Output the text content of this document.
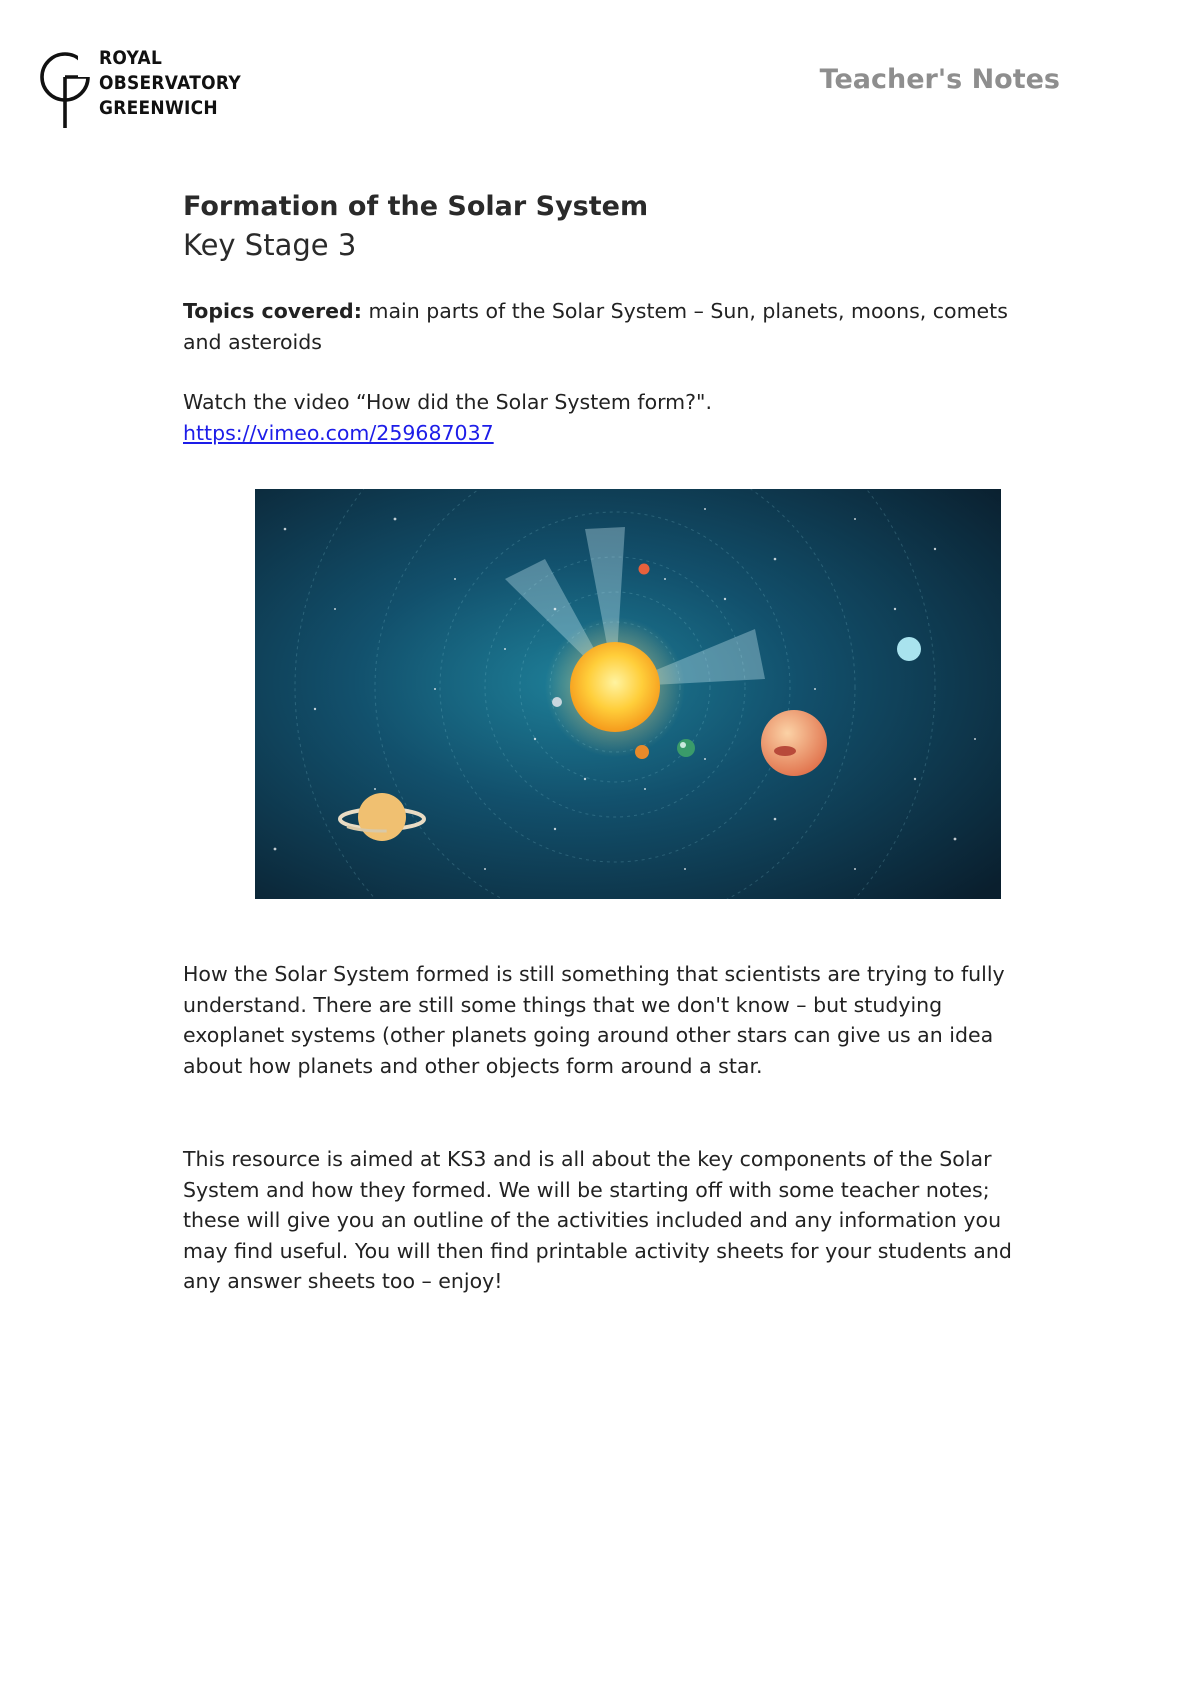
ROYAL
OBSERVATORY
GREENWICH
Teacher's Notes
Formation of the Solar System
Key Stage 3

Topics covered: main parts of the Solar System – Sun, planets, moons, comets and asteroids

Watch the video “How did the Solar System form?".

https://vimeo.com/259687037

How the Solar System formed is still something that scientists are trying to fully understand. There are still some things that we don't know – but studying exoplanet systems (other planets going around other stars can give us an idea about how planets and other objects form around a star.

This resource is aimed at KS3 and is all about the key components of the Solar System and how they formed. We will be starting off with some teacher notes; these will give you an outline of the activities included and any information you may find useful. You will then find printable activity sheets for your students and any answer sheets too – enjoy!
